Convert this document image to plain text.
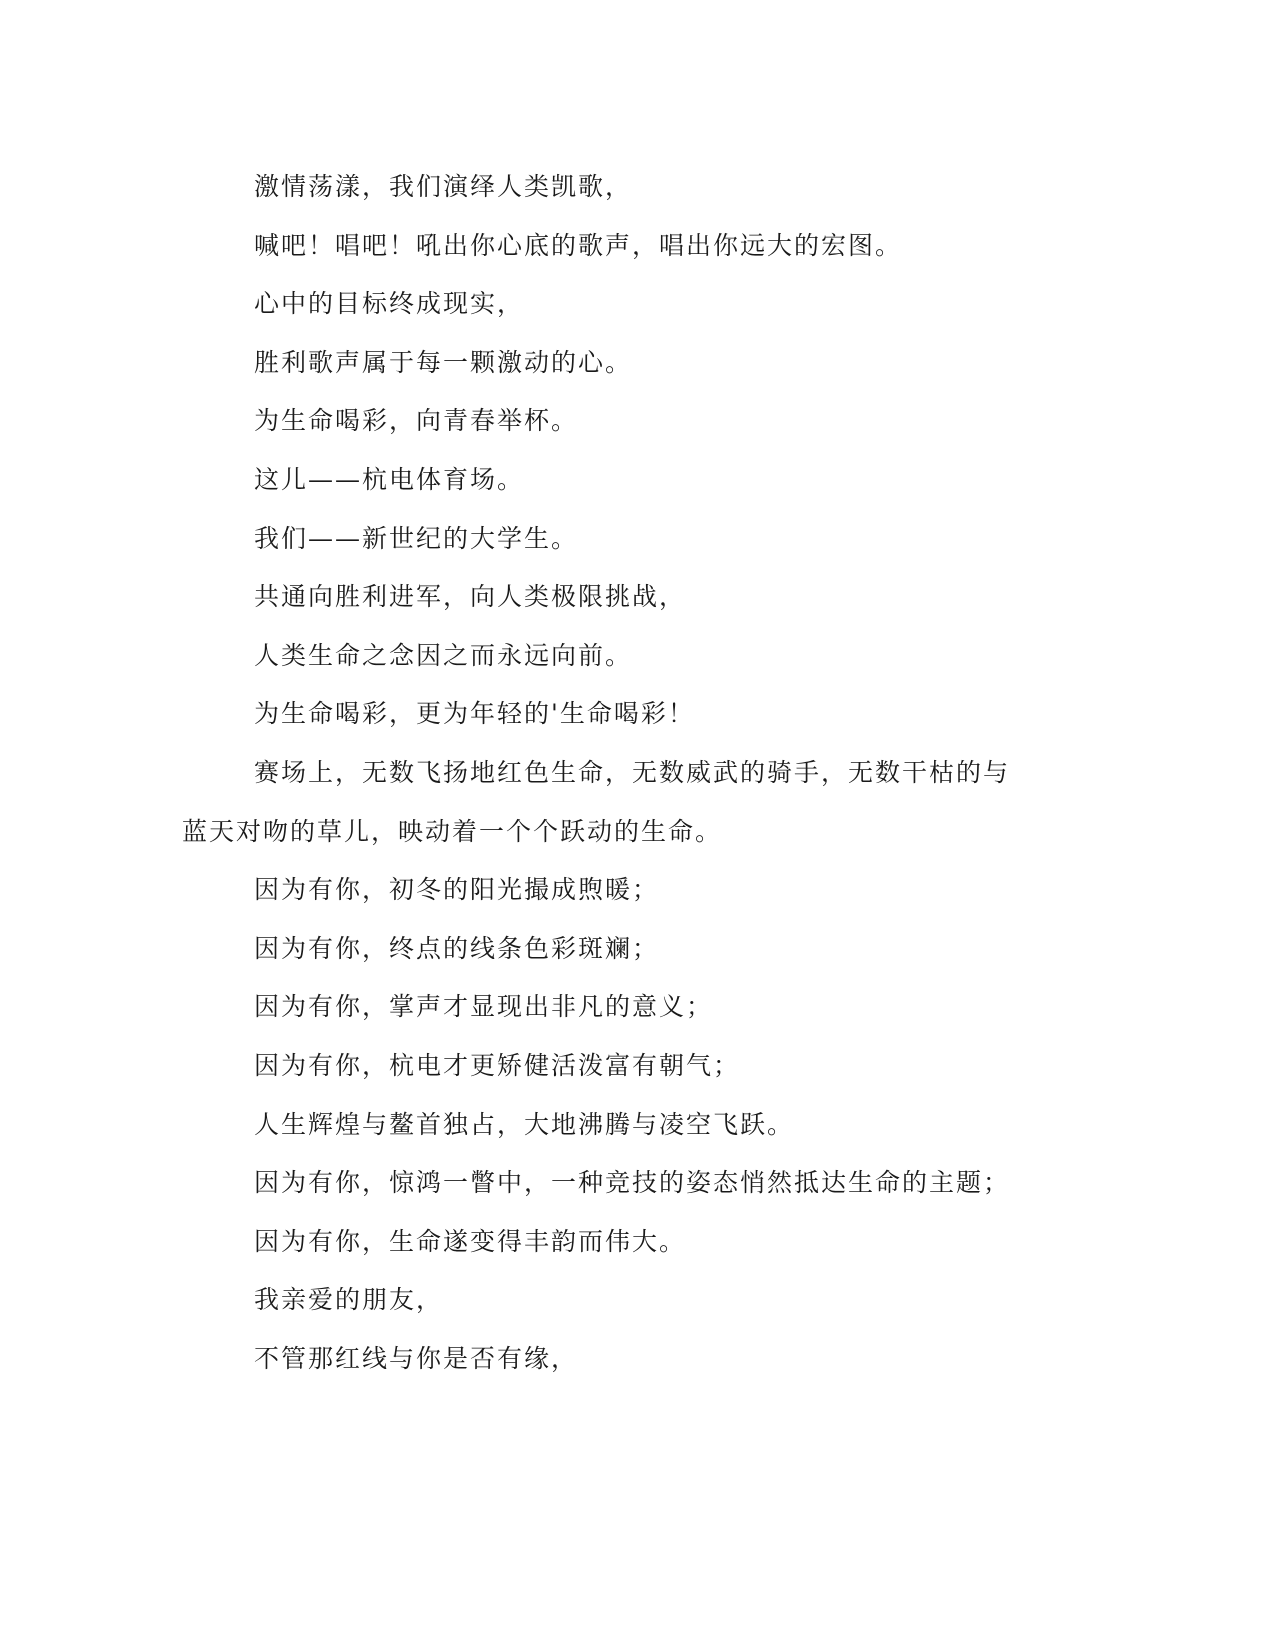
激情荡漾，我们演绎人类凯歌，

喊吧！唱吧！吼出你心底的歌声，唱出你远大的宏图。

心中的目标终成现实，

胜利歌声属于每一颗激动的心。

为生命喝彩，向青春举杯。

这儿——杭电体育场。

我们——新世纪的大学生。

共通向胜利进军，向人类极限挑战，

人类生命之念因之而永远向前。

为生命喝彩，更为年轻的'生命喝彩！

赛场上，无数飞扬地红色生命，无数威武的骑手，无数干枯的与蓝天对吻的草儿，映动着一个个跃动的生命。

因为有你，初冬的阳光撮成煦暖；

因为有你，终点的线条色彩斑斓；

因为有你，掌声才显现出非凡的意义；

因为有你，杭电才更矫健活泼富有朝气；

人生辉煌与鳌首独占，大地沸腾与凌空飞跃。

因为有你，惊鸿一瞥中，一种竞技的姿态悄然抵达生命的主题；

因为有你，生命遂变得丰韵而伟大。

我亲爱的朋友，

不管那红线与你是否有缘，
